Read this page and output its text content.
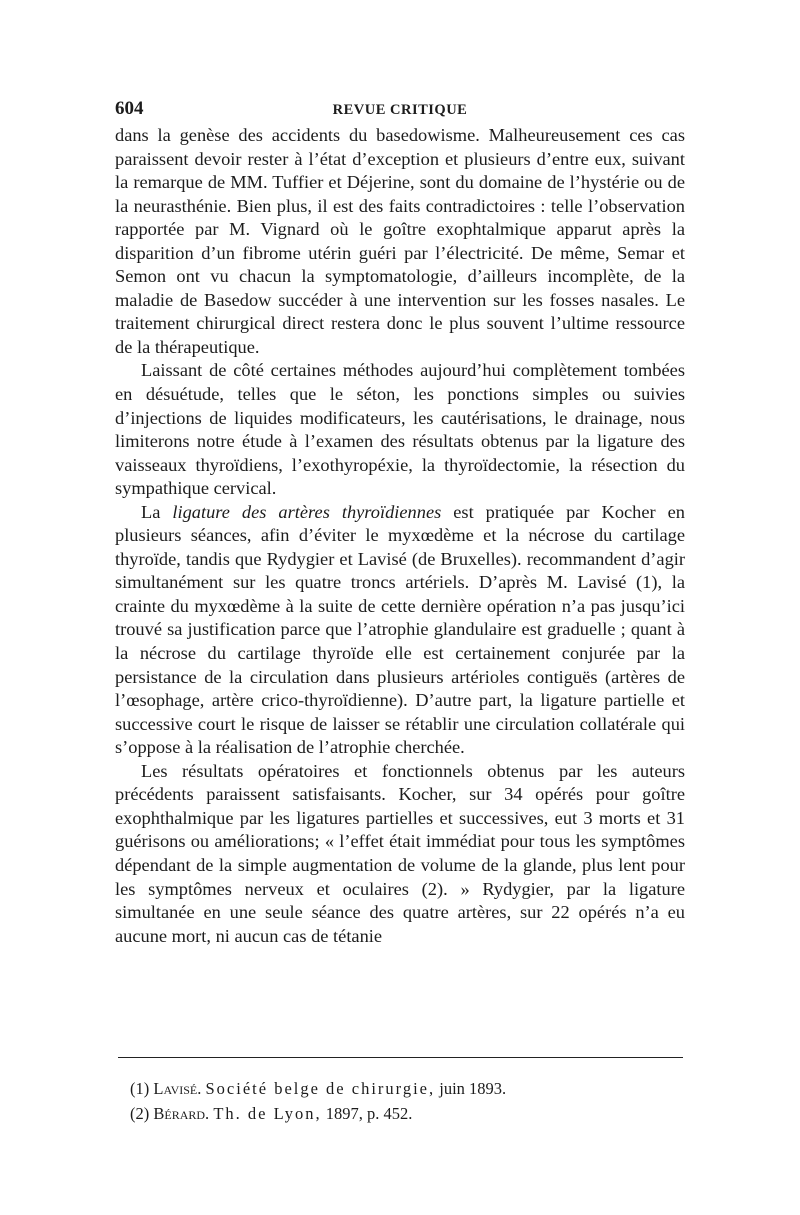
604	REVUE CRITIQUE

dans la genèse des accidents du basedowisme. Malheureusement ces cas paraissent devoir rester à l’état d’exception et plusieurs d’entre eux, suivant la remarque de MM. Tuffier et Déjerine, sont du domaine de l’hystérie ou de la neurasthénie. Bien plus, il est des faits contradictoires : telle l’observation rapportée par M. Vignard où le goître exophtalmique apparut après la disparition d’un fibrome utérin guéri par l’électricité. De même, Semar et Semon ont vu chacun la symptomatologie, d’ailleurs incomplète, de la maladie de Basedow succéder à une intervention sur les fosses nasales. Le traitement chirurgical direct restera donc le plus souvent l’ultime ressource de la thérapeutique.

Laissant de côté certaines méthodes aujourd’hui complètement tombées en désuétude, telles que le séton, les ponctions simples ou suivies d’injections de liquides modificateurs, les cautérisations, le drainage, nous limiterons notre étude à l’examen des résultats obtenus par la ligature des vaisseaux thyroïdiens, l’exothyropéxie, la thyroïdectomie, la résection du sympathique cervical.

La ligature des artères thyroïdiennes est pratiquée par Kocher en plusieurs séances, afin d’éviter le myxœdème et la nécrose du cartilage thyroïde, tandis que Rydygier et Lavisé (de Bruxelles). recommandent d’agir simultanément sur les quatre troncs artériels. D’après M. Lavisé (1), la crainte du myxœdème à la suite de cette dernière opération n’a pas jusqu’ici trouvé sa justification parce que l’atrophie glandulaire est graduelle ; quant à la nécrose du cartilage thyroïde elle est certainement conjurée par la persistance de la circulation dans plusieurs artérioles contiguës (artères de l’œsophage, artère crico-thyroïdienne). D’autre part, la ligature partielle et successive court le risque de laisser se rétablir une circulation collatérale qui s’oppose à la réalisation de l’atrophie cherchée.

Les résultats opératoires et fonctionnels obtenus par les auteurs précédents paraissent satisfaisants. Kocher, sur 34 opérés pour goître exophthalmique par les ligatures partielles et successives, eut 3 morts et 31 guérisons ou améliorations; « l’effet était immédiat pour tous les symptômes dépendant de la simple augmentation de volume de la glande, plus lent pour les symptômes nerveux et oculaires (2). » Rydygier, par la ligature simultanée en une seule séance des quatre artères, sur 22 opérés n’a eu aucune mort, ni aucun cas de tétanie

(1) Lavisé. Société belge de chirurgie, juin 1893.

(2) Bérard. Th. de Lyon, 1897, p. 452.
